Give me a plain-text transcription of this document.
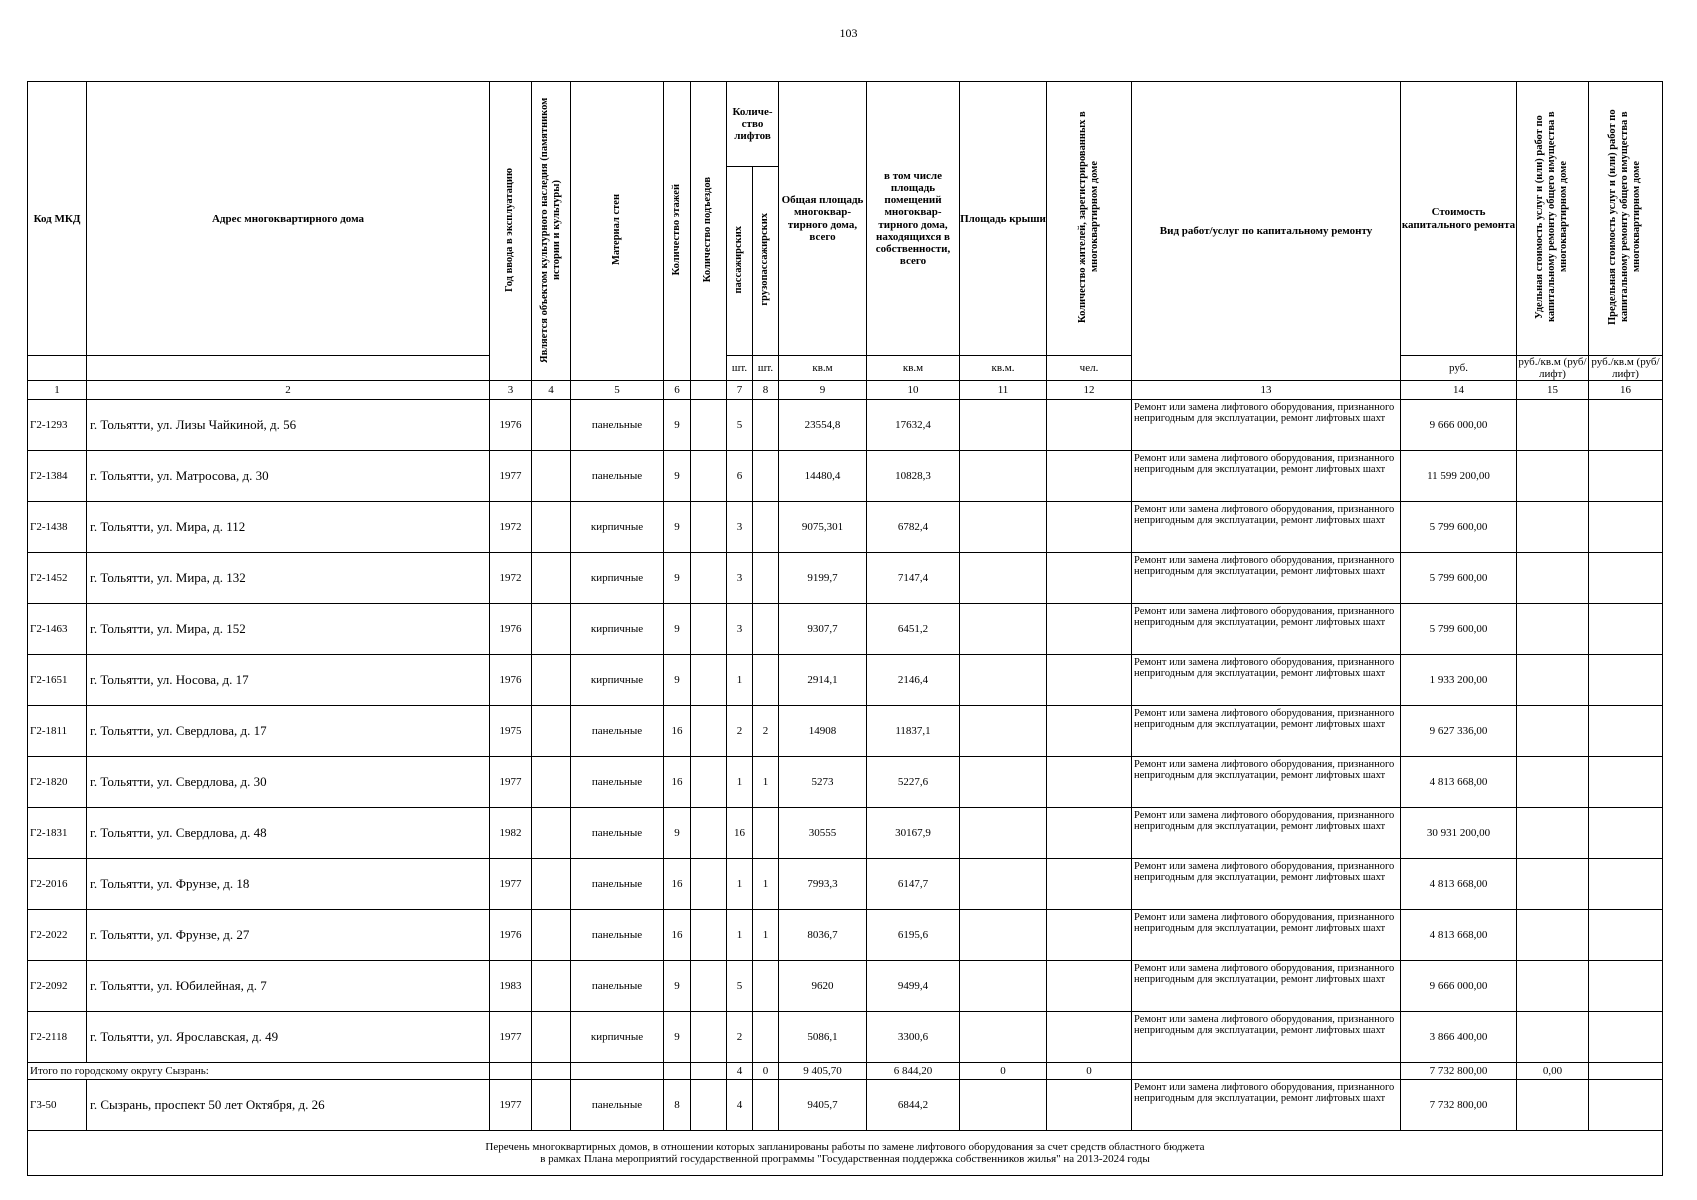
103
Код МКД	Адрес многоквартирного дома	Год ввода в эксплуатацию	Является объектом культурного наследия (памятником истории и культуры)	Материал стен	Количество этажей	Количество подъездов	Количе-ство лифтов		Общая площадь многоквар-тирного дома, всего	в том числе площадь помещений многоквар-тирного дома, находящихся в собственности, всего	Площадь крыши	Количество жителей, зарегистрированных в многоквартирном доме	Вид работ/услуг по капитальному ремонту	Стоимость капитального ремонта	Удельная стоимость услуг и (или) работ по капитальному ремонту общего имущества в многоквартирном доме	Предельная стоимость услуг и (или) работ по капитальному ремонту общего имущества в многоквартирном доме
							пассажирских	грузопассажирских								
							шт.	шт.	кв.м	кв.м	кв.м.	чел.		руб.	руб./кв.м (руб/лифт)	руб./кв.м (руб/лифт)
1	2	3	4	5	6		7	8	9	10	11	12	13	14	15	16
Г2-1293	г. Тольятти, ул. Лизы Чайкиной, д. 56	1976		панельные	9		5		23554,8	17632,4			Ремонт или замена лифтового оборудования, признанного непригодным для эксплуатации, ремонт лифтовых шахт	9 666 000,00		
Г2-1384	г. Тольятти, ул. Матросова, д. 30	1977		панельные	9		6		14480,4	10828,3			Ремонт или замена лифтового оборудования, признанного непригодным для эксплуатации, ремонт лифтовых шахт	11 599 200,00		
Г2-1438	г. Тольятти, ул. Мира, д. 112	1972		кирпичные	9		3		9075,301	6782,4			Ремонт или замена лифтового оборудования, признанного непригодным для эксплуатации, ремонт лифтовых шахт	5 799 600,00		
Г2-1452	г. Тольятти, ул. Мира, д. 132	1972		кирпичные	9		3		9199,7	7147,4			Ремонт или замена лифтового оборудования, признанного непригодным для эксплуатации, ремонт лифтовых шахт	5 799 600,00		
Г2-1463	г. Тольятти, ул. Мира, д. 152	1976		кирпичные	9		3		9307,7	6451,2			Ремонт или замена лифтового оборудования, признанного непригодным для эксплуатации, ремонт лифтовых шахт	5 799 600,00		
Г2-1651	г. Тольятти, ул. Носова, д. 17	1976		кирпичные	9		1		2914,1	2146,4			Ремонт или замена лифтового оборудования, признанного непригодным для эксплуатации, ремонт лифтовых шахт	1 933 200,00		
Г2-1811	г. Тольятти, ул. Свердлова, д. 17	1975		панельные	16		2	2	14908	11837,1			Ремонт или замена лифтового оборудования, признанного непригодным для эксплуатации, ремонт лифтовых шахт	9 627 336,00		
Г2-1820	г. Тольятти, ул. Свердлова, д. 30	1977		панельные	16		1	1	5273	5227,6			Ремонт или замена лифтового оборудования, признанного непригодным для эксплуатации, ремонт лифтовых шахт	4 813 668,00		
Г2-1831	г. Тольятти, ул. Свердлова, д. 48	1982		панельные	9		16		30555	30167,9			Ремонт или замена лифтового оборудования, признанного непригодным для эксплуатации, ремонт лифтовых шахт	30 931 200,00		
Г2-2016	г. Тольятти, ул. Фрунзе, д. 18	1977		панельные	16		1	1	7993,3	6147,7			Ремонт или замена лифтового оборудования, признанного непригодным для эксплуатации, ремонт лифтовых шахт	4 813 668,00		
Г2-2022	г. Тольятти, ул. Фрунзе, д. 27	1976		панельные	16		1	1	8036,7	6195,6			Ремонт или замена лифтового оборудования, признанного непригодным для эксплуатации, ремонт лифтовых шахт	4 813 668,00		
Г2-2092	г. Тольятти, ул. Юбилейная, д. 7	1983		панельные	9		5		9620	9499,4			Ремонт или замена лифтового оборудования, признанного непригодным для эксплуатации, ремонт лифтовых шахт	9 666 000,00		
Г2-2118	г. Тольятти, ул. Ярославская, д. 49	1977		кирпичные	9		2		5086,1	3300,6			Ремонт или замена лифтового оборудования, признанного непригодным для эксплуатации, ремонт лифтовых шахт	3 866 400,00		
Итого по городскому округу Сызрань:							4	0	9 405,70	6 844,20	0	0		7 732 800,00	0,00	
Г3-50	г. Сызрань, проспект 50 лет Октября, д. 26	1977		панельные	8		4		9405,7	6844,2			Ремонт или замена лифтового оборудования, признанного непригодным для эксплуатации, ремонт лифтовых шахт	7 732 800,00		

Перечень многоквартирных домов, в отношении которых запланированы работы по замене лифтового оборудования за счет средств областного бюджета
в рамках Плана мероприятий государственной программы "Государственная поддержка собственников жилья" на 2013-2024 годы																
